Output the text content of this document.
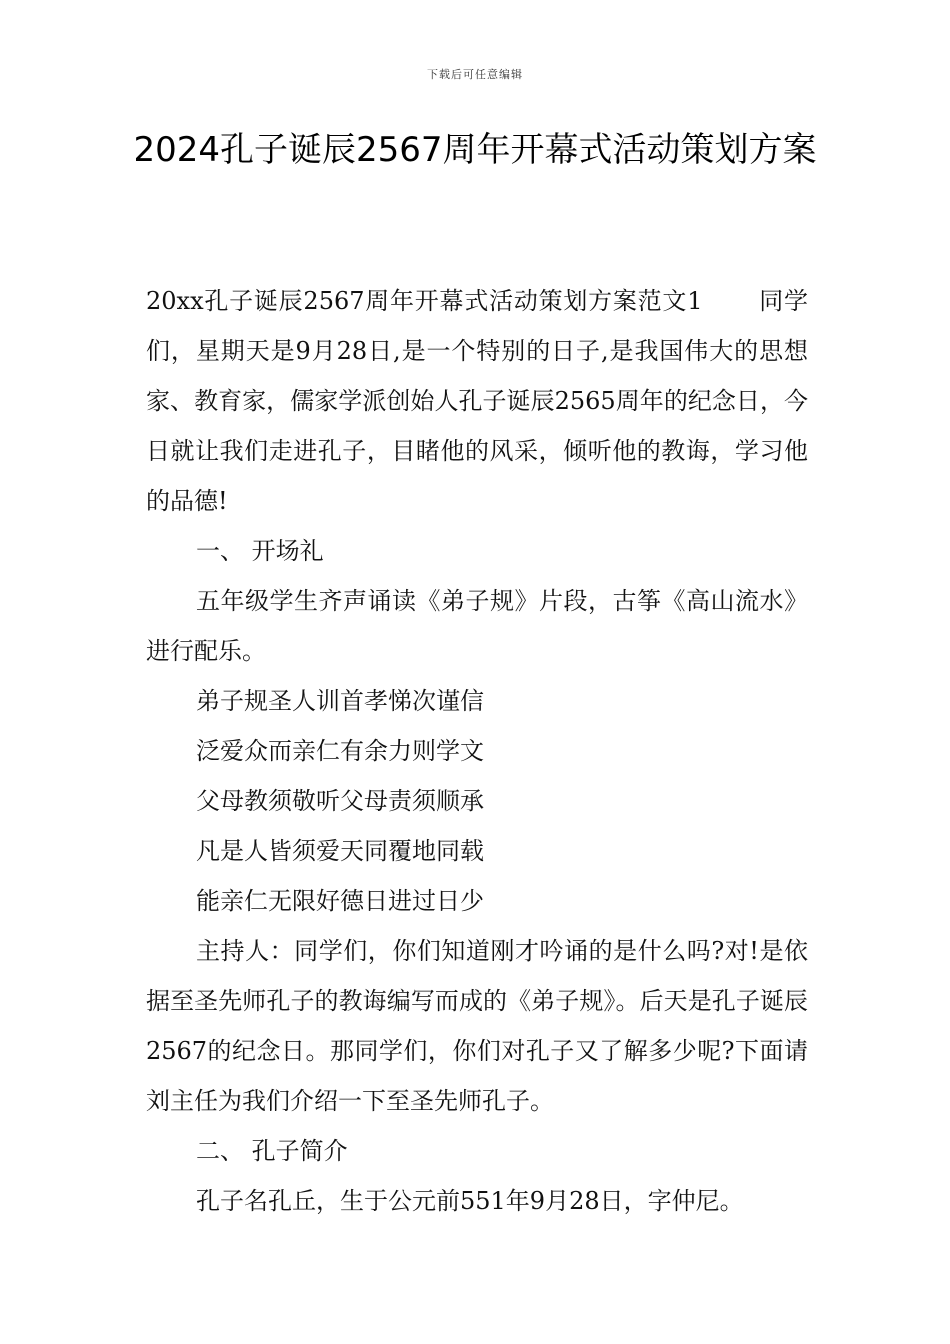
下载后可任意编辑
2024孔子诞辰2567周年开幕式活动策划方案

20xx孔子诞辰2567周年开幕式活动策划方案范文1 同学们，星期天是9月28日,是一个特别的日子,是我国伟大的思想家、教育家，儒家学派创始人孔子诞辰2565周年的纪念日，今日就让我们走进孔子，目睹他的风采，倾听他的教诲，学习他的品德!

一、 开场礼

五年级学生齐声诵读《弟子规》片段，古筝《高山流水》进行配乐。

弟子规圣人训首孝悌次谨信

泛爱众而亲仁有余力则学文

父母教须敬听父母责须顺承

凡是人皆须爱天同覆地同载

能亲仁无限好德日进过日少

主持人：同学们，你们知道刚才吟诵的是什么吗?对!是依据至圣先师孔子的教诲编写而成的《弟子规》。后天是孔子诞辰2567的纪念日。那同学们，你们对孔子又了解多少呢?下面请刘主任为我们介绍一下至圣先师孔子。

二、 孔子简介

孔子名孔丘，生于公元前551年9月28日，字仲尼。
